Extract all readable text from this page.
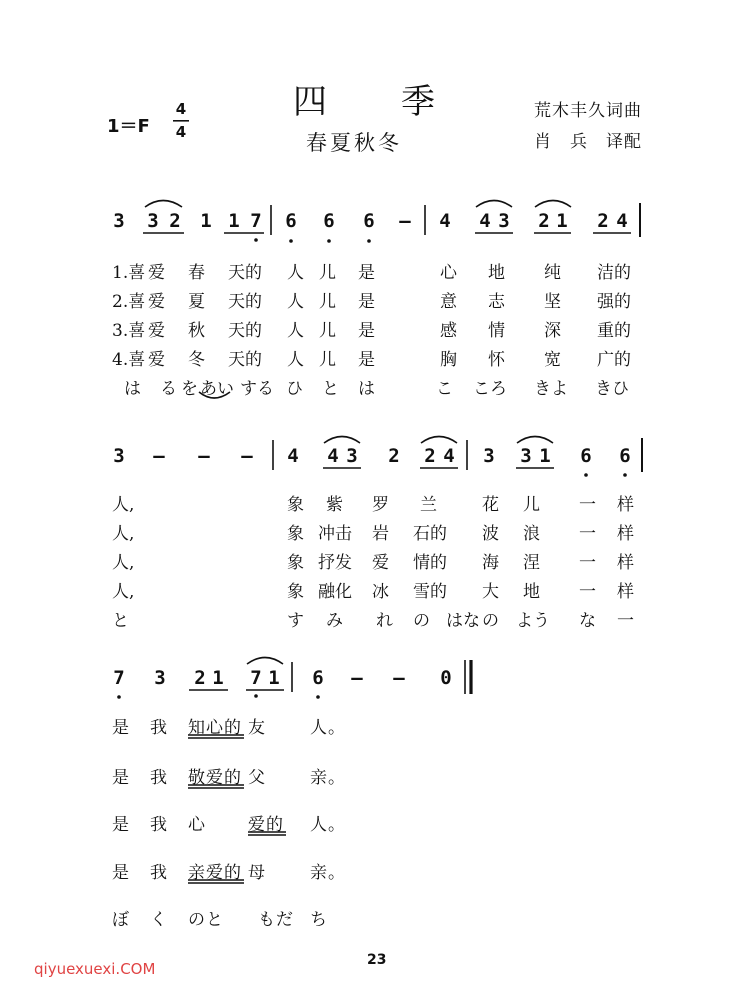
四　　季
春夏秋冬
荒木丰久词曲
肖　兵　译配
1＝F
4
4
3 3 2 1 1 7 6 6 6 — 4 4 3 2 1 2 4
1.喜 爱 春 天的 人 儿 是	心 地 纯 洁的
2.喜 爱 夏 天的 人 儿 是	意 志 坚 强的
3.喜 爱 秋 天的 人 儿 是	感 情 深 重的
4.喜 爱 冬 天的 人 儿 是	胸 怀 宽 广的
は る を あい する ひ と は	こ ころ きよ きひ
3 — — — 4 4 3 2 2 4 3 3 1 6 6
人,	象 紫 罗 兰	花 儿 一 样
人,	象 冲击 岩 石的 波 浪 一 样
人,	象 抒发 爱 情的 海 涅 一 样
人,	象 融化 冰 雪的 大 地 一 样
と	す み れ の はな の よう な 一
7 3 2 1 7 1 6 — — 0
是 我 知心的 友	人。
是 我 敬爱的 父	亲。
是 我 心 爱的 人。
是 我 亲爱的 母	亲。
ぼ く のと もだ ち
23
qiyuexuexi.COM
